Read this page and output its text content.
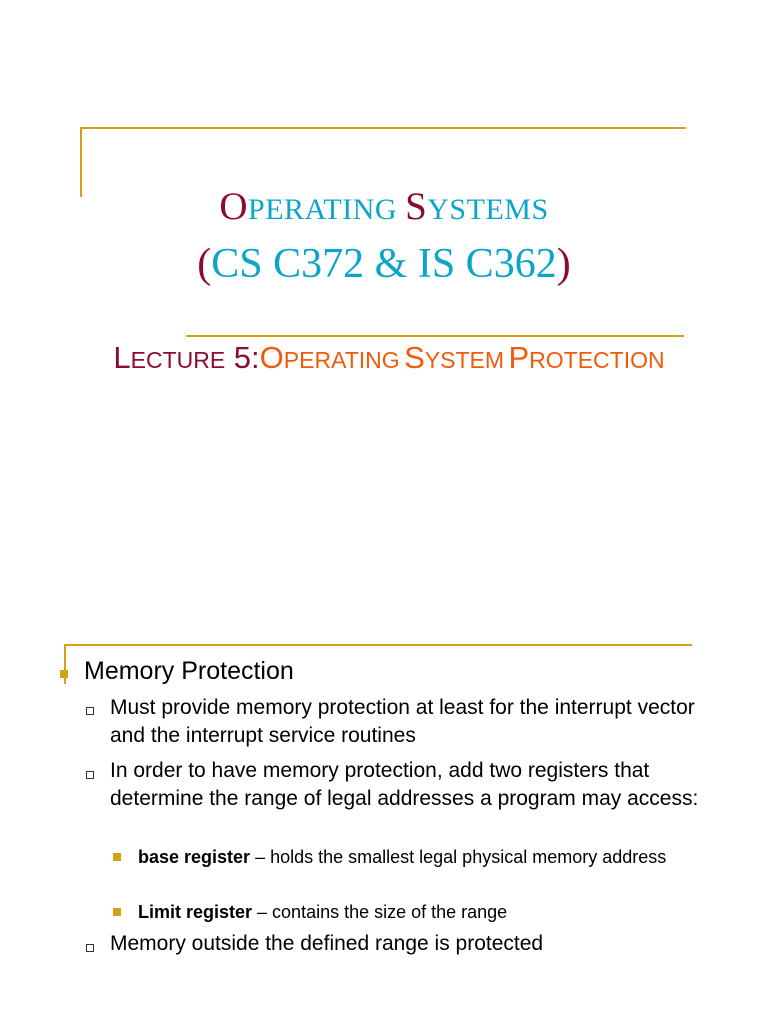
OPERATING SYSTEMS
(CS C372 & IS C362)
LECTURE 5:OPERATING SYSTEM PROTECTION
Memory Protection
Must provide memory protection at least for the interrupt vector and the interrupt service routines
In order to have memory protection, add two registers that determine the range of legal addresses a program may access:
base register – holds the smallest legal physical memory address
Limit register – contains the size of the range
Memory outside the defined range is protected
